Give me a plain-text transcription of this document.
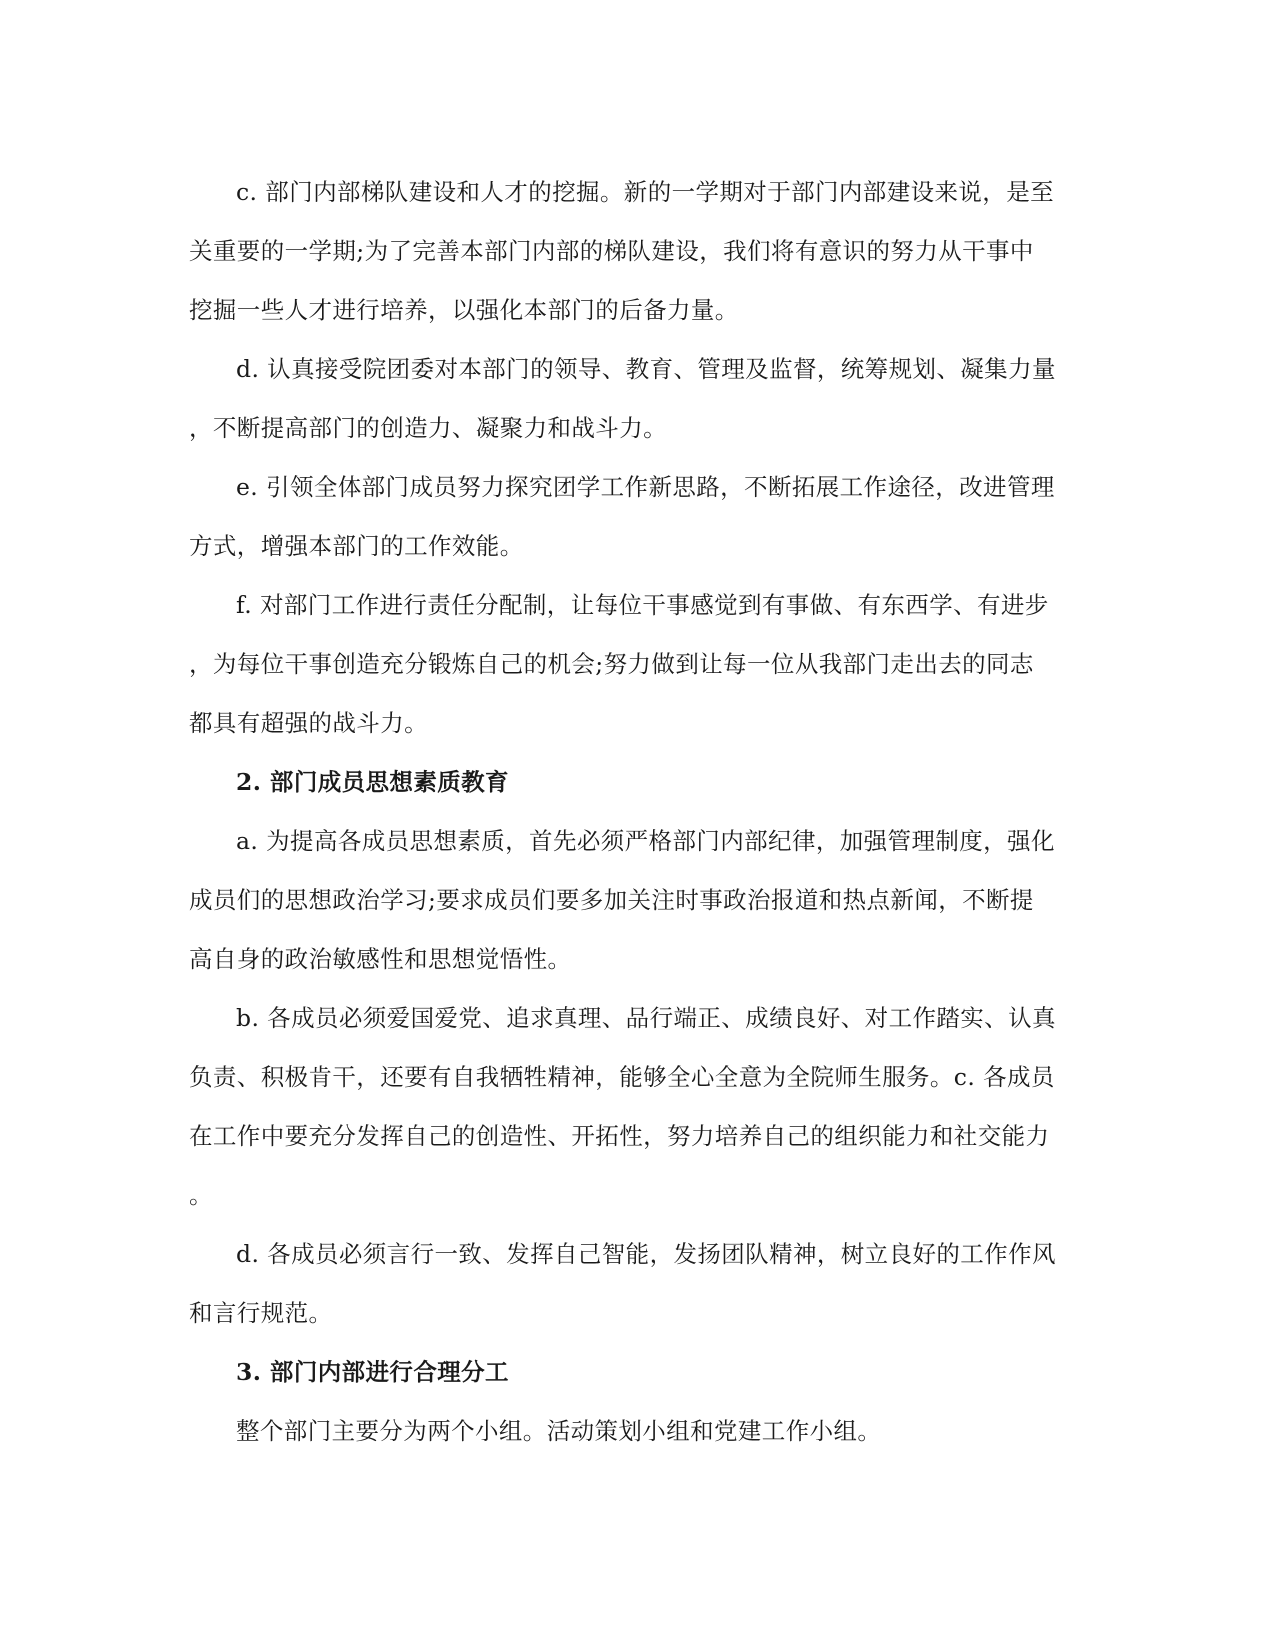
c. 部门内部梯队建设和人才的挖掘。新的一学期对于部门内部建设来说，是至
关重要的一学期;为了完善本部门内部的梯队建设，我们将有意识的努力从干事中
挖掘一些人才进行培养，以强化本部门的后备力量。

d. 认真接受院团委对本部门的领导、教育、管理及监督，统筹规划、凝集力量
，不断提高部门的创造力、凝聚力和战斗力。

e. 引领全体部门成员努力探究团学工作新思路，不断拓展工作途径，改进管理
方式，增强本部门的工作效能。

f. 对部门工作进行责任分配制，让每位干事感觉到有事做、有东西学、有进步
，为每位干事创造充分锻炼自己的机会;努力做到让每一位从我部门走出去的同志
都具有超强的战斗力。

2. 部门成员思想素质教育

a. 为提高各成员思想素质，首先必须严格部门内部纪律，加强管理制度，强化
成员们的思想政治学习;要求成员们要多加关注时事政治报道和热点新闻，不断提
高自身的政治敏感性和思想觉悟性。

b. 各成员必须爱国爱党、追求真理、品行端正、成绩良好、对工作踏实、认真
负责、积极肯干，还要有自我牺牲精神，能够全心全意为全院师生服务。c. 各成员
在工作中要充分发挥自己的创造性、开拓性，努力培养自己的组织能力和社交能力
。

d. 各成员必须言行一致、发挥自己智能，发扬团队精神，树立良好的工作作风
和言行规范。

3. 部门内部进行合理分工

整个部门主要分为两个小组。活动策划小组和党建工作小组。
